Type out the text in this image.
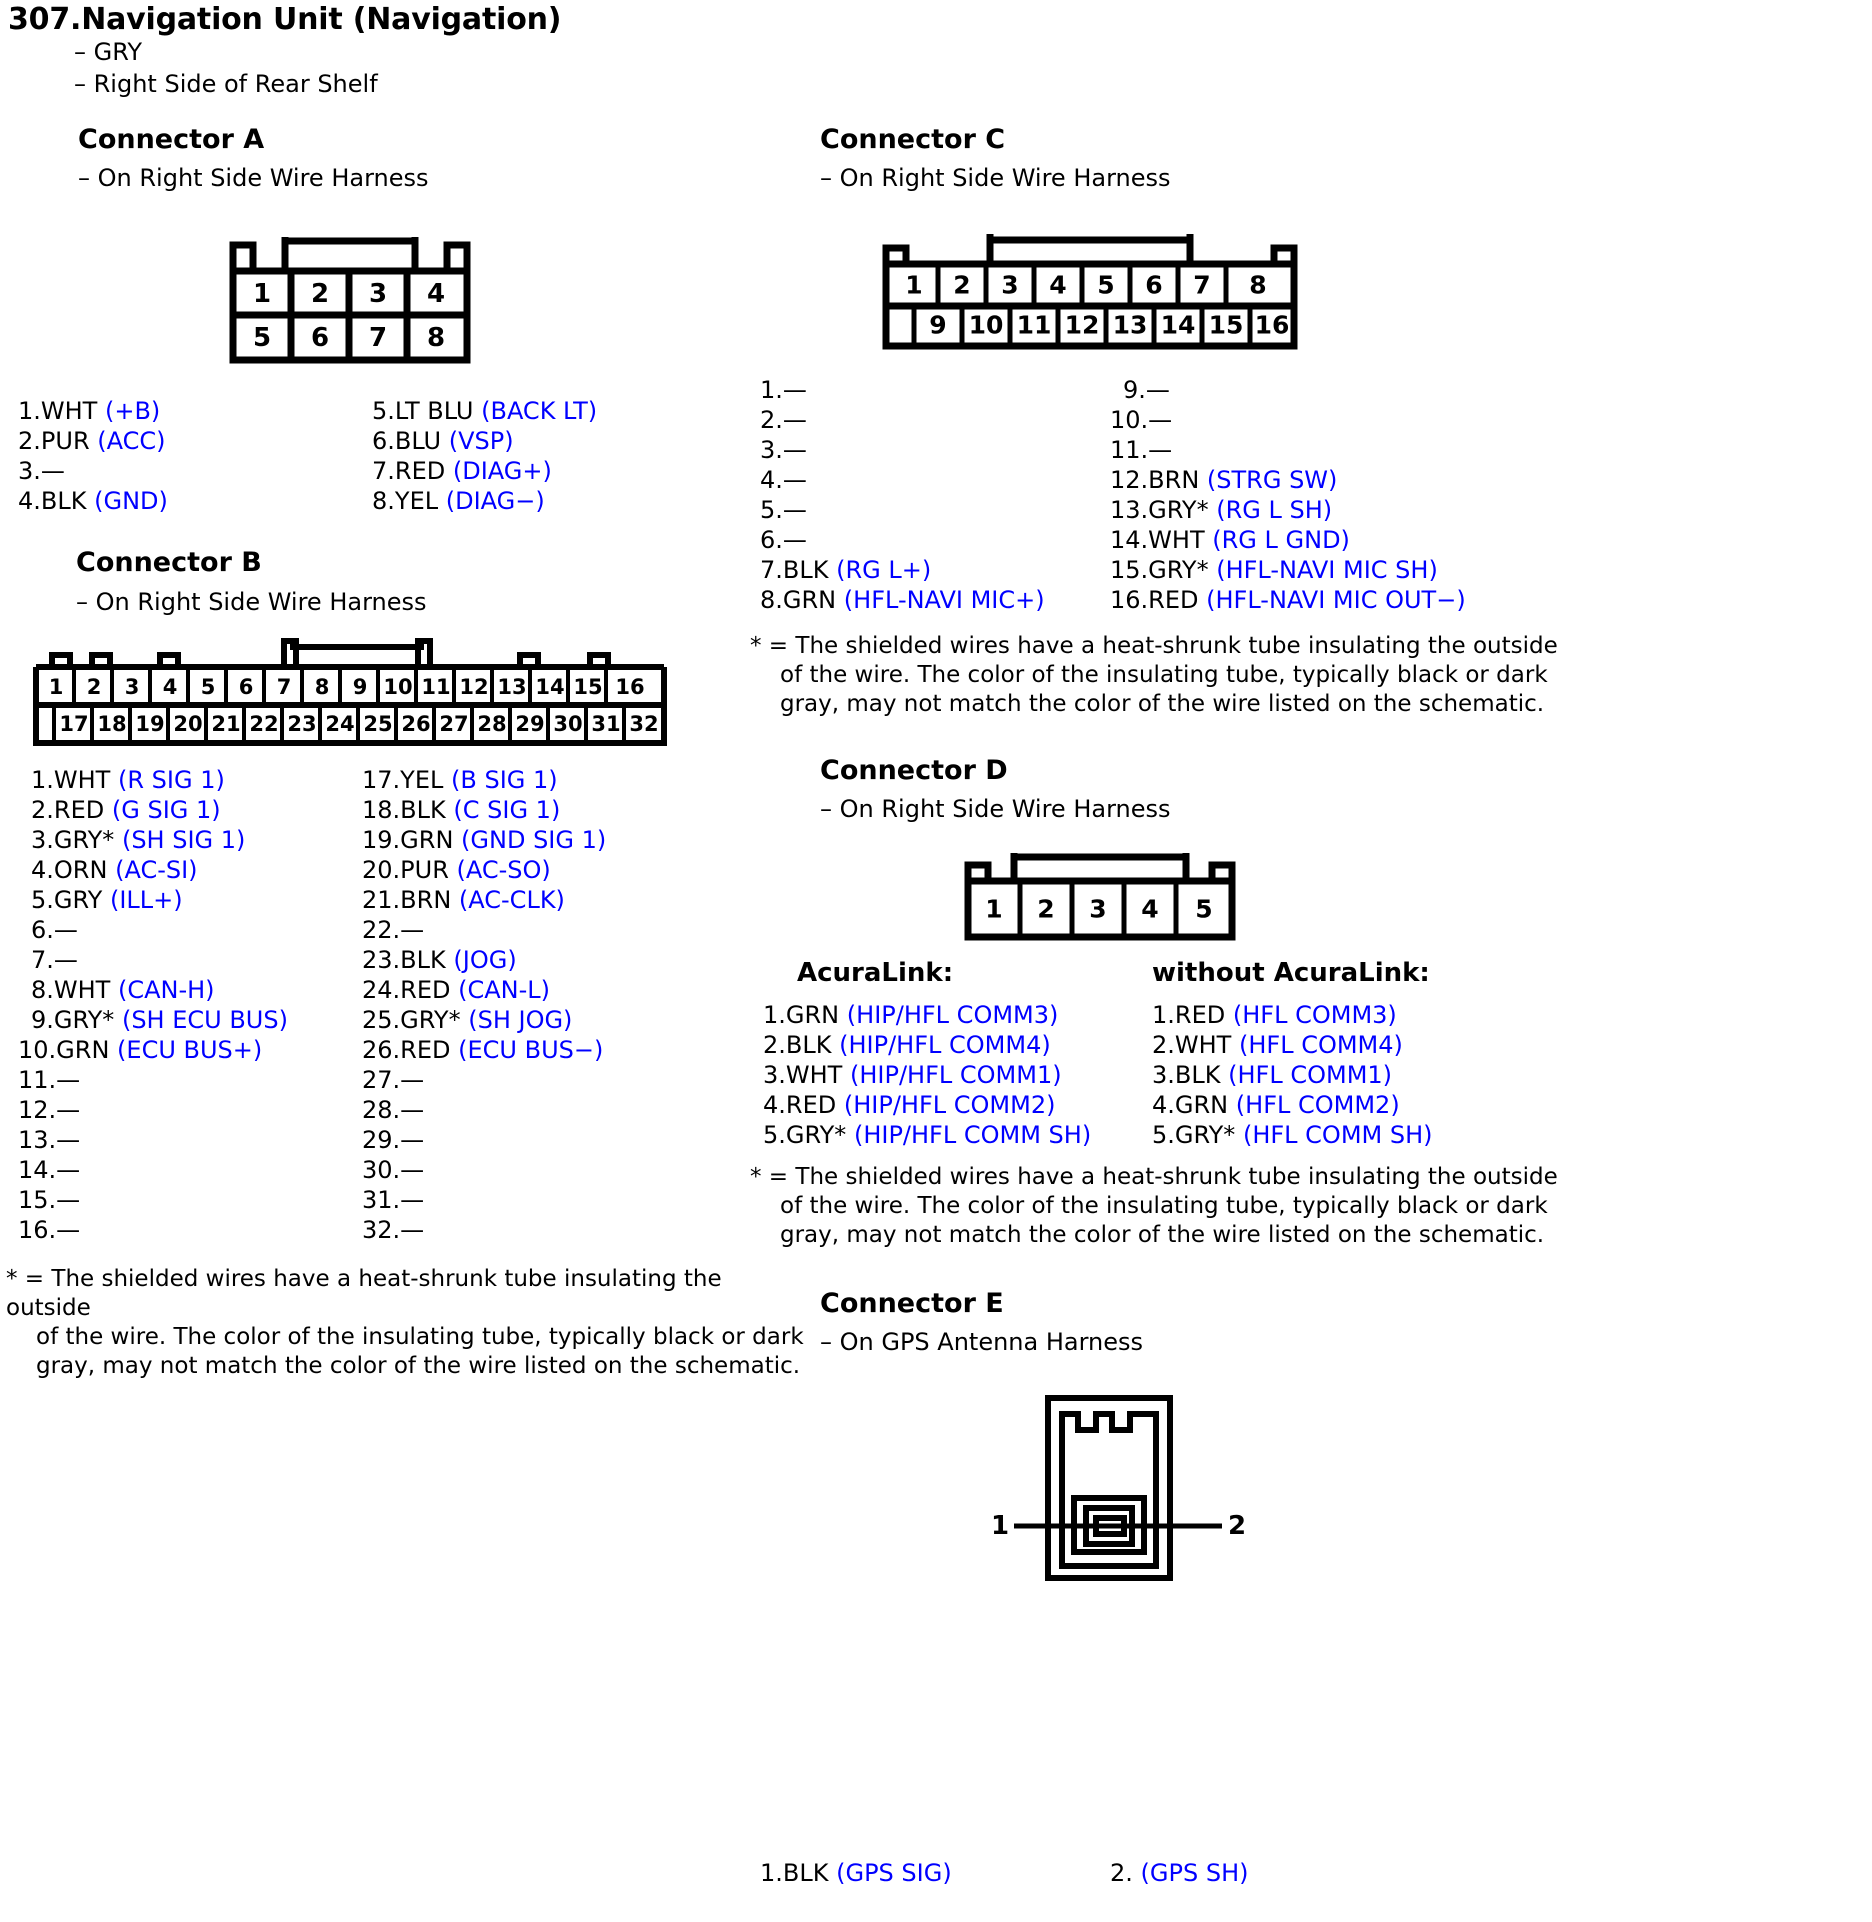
307.Navigation Unit (Navigation)
– GRY
– Right Side of Rear Shelf
Connector A
– On Right Side Wire Harness
1 2 3 4
5 6 7 8
1.WHT (+B)
2.PUR (ACC)
3.—
4.BLK (GND)
5.LT BLU (BACK LT)
6.BLU (VSP)
7.RED (DIAG+)
8.YEL (DIAG−)
Connector B
– On Right Side Wire Harness
1 2 3 4 5 6 7 8 9 10 11 12 13 14 15 16
17 18 19 20 21 22 23 24 25 26 27 28 29 30 31 32
1.WHT (R SIG 1)
2.RED (G SIG 1)
3.GRY* (SH SIG 1)
4.ORN (AC-SI)
5.GRY (ILL+)
6.—
7.—
8.WHT (CAN-H)
9.GRY* (SH ECU BUS)
10.GRN (ECU BUS+)
11.—
12.—
13.—
14.—
15.—
16.—
17.YEL (B SIG 1)
18.BLK (C SIG 1)
19.GRN (GND SIG 1)
20.PUR (AC-SO)
21.BRN (AC-CLK)
22.—
23.BLK (JOG)
24.RED (CAN-L)
25.GRY* (SH JOG)
26.RED (ECU BUS−)
27.—
28.—
29.—
30.—
31.—
32.—
* = The shielded wires have a heat-shrunk tube insulating the outside
of the wire. The color of the insulating tube, typically black or dark
gray, may not match the color of the wire listed on the schematic.
Connector C
– On Right Side Wire Harness
1 2 3 4 5 6 7 8
9 10 11 12 13 14 15 16
1.—
2.—
3.—
4.—
5.—
6.—
7.BLK (RG L+)
8.GRN (HFL-NAVI MIC+)
9.—
10.—
11.—
12.BRN (STRG SW)
13.GRY* (RG L SH)
14.WHT (RG L GND)
15.GRY* (HFL-NAVI MIC SH)
16.RED (HFL-NAVI MIC OUT−)
* = The shielded wires have a heat-shrunk tube insulating the outside
of the wire. The color of the insulating tube, typically black or dark
gray, may not match the color of the wire listed on the schematic.
Connector D
– On Right Side Wire Harness
1 2 3 4 5
AcuraLink:	without AcuraLink:
1.GRN (HIP/HFL COMM3)
2.BLK (HIP/HFL COMM4)
3.WHT (HIP/HFL COMM1)
4.RED (HIP/HFL COMM2)
5.GRY* (HIP/HFL COMM SH)
1.RED (HFL COMM3)
2.WHT (HFL COMM4)
3.BLK (HFL COMM1)
4.GRN (HFL COMM2)
5.GRY* (HFL COMM SH)
* = The shielded wires have a heat-shrunk tube insulating the outside
of the wire. The color of the insulating tube, typically black or dark
gray, may not match the color of the wire listed on the schematic.
Connector E
– On GPS Antenna Harness
1	2
1.BLK (GPS SIG)	2. (GPS SH)
